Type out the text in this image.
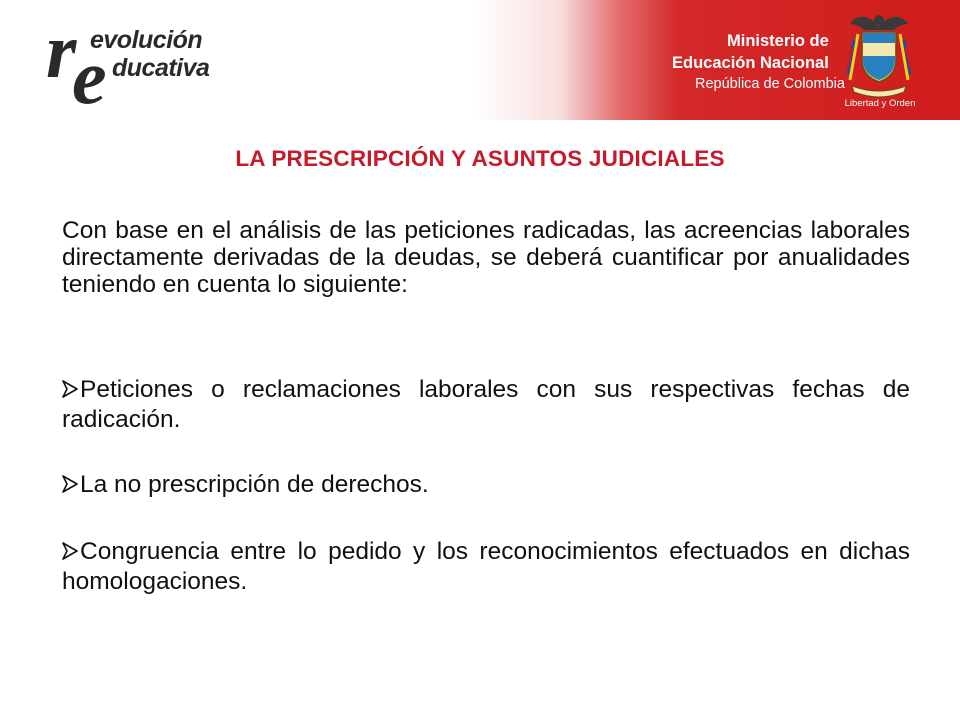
r
e
evolución
ducativa
Ministerio de
Educación Nacional
República de Colombia
Libertad y Orden
LA PRESCRIPCIÓN Y ASUNTOS JUDICIALES
Con base en el análisis de las peticiones radicadas, las acreencias laborales directamente derivadas de la deudas, se deberá cuantificar por anualidades teniendo en cuenta lo siguiente:
Peticiones o reclamaciones laborales con sus respectivas fechas de radicación.
La no prescripción de derechos.
Congruencia entre lo pedido y los reconocimientos efectuados en dichas homologaciones.
